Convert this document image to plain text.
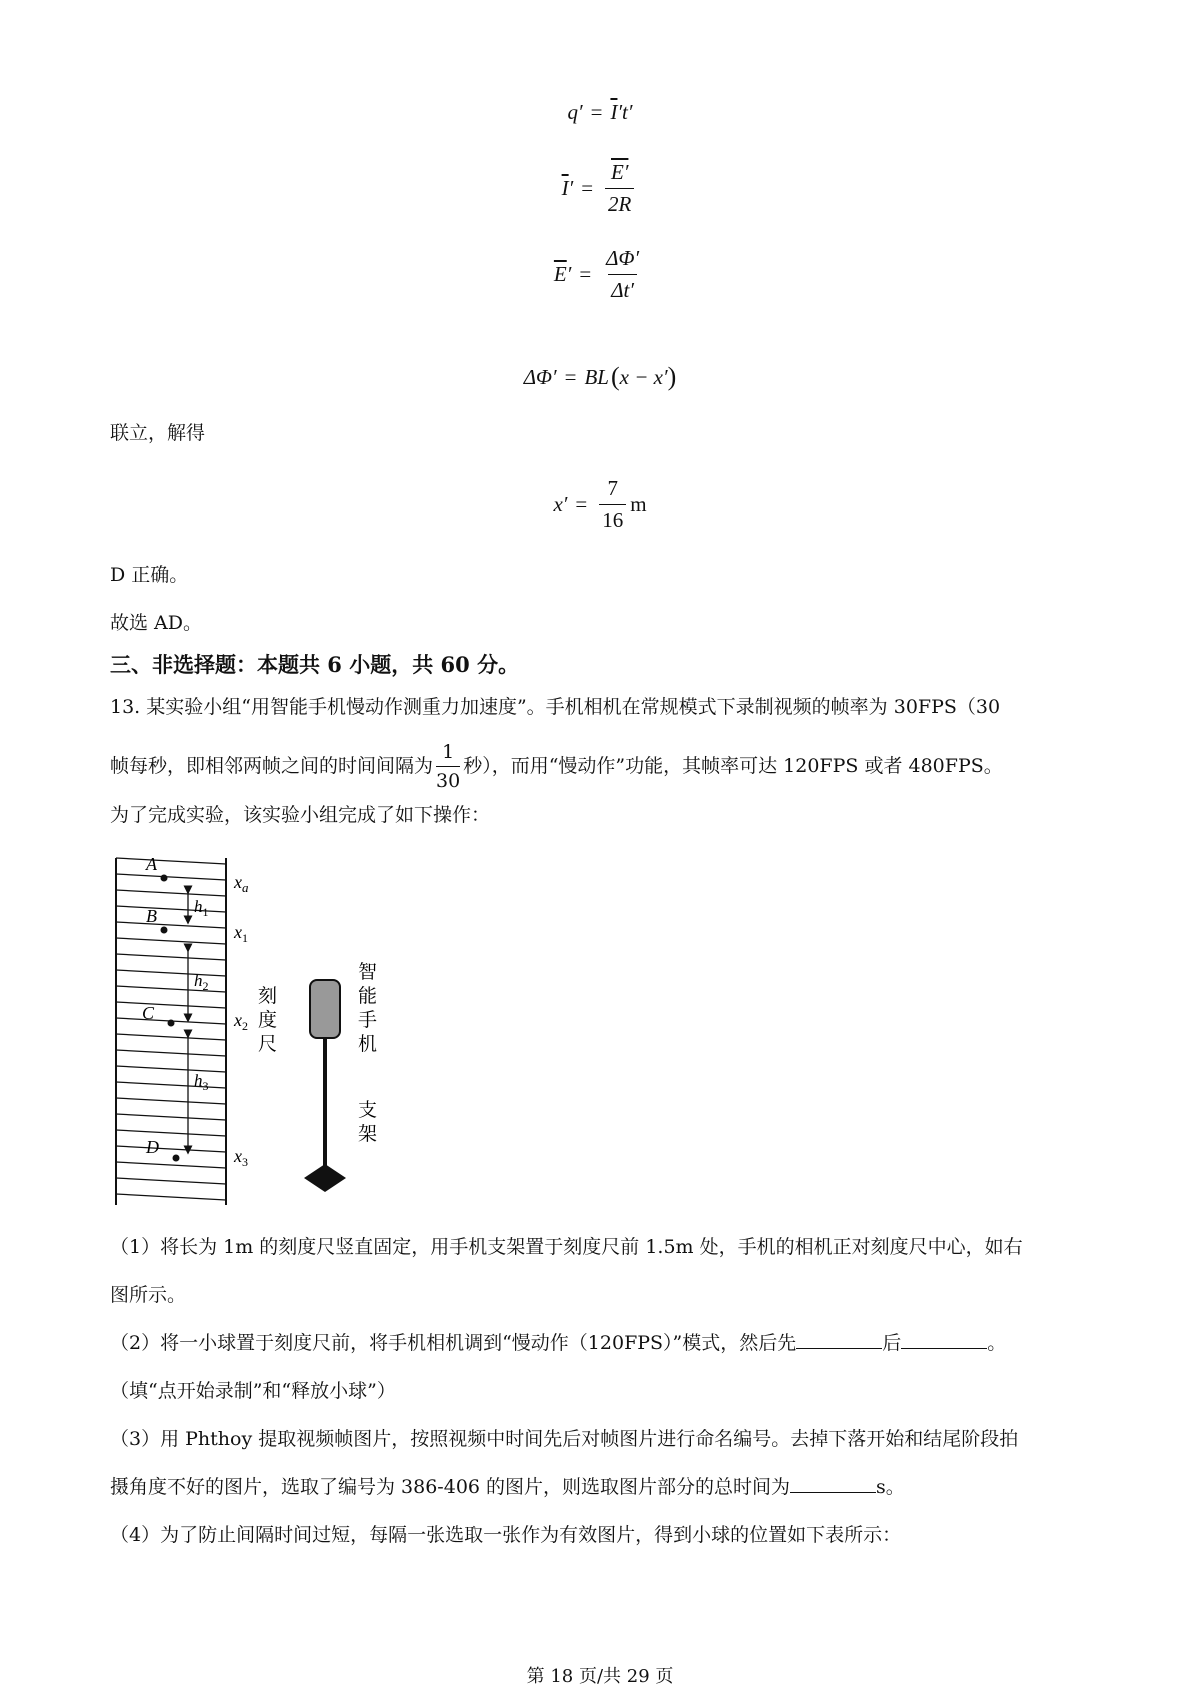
$q' = \overline{I}$ ′t′
$\overline{I}$ ′ = $\frac{E'}{2R}$
$\overline{E}$ ′ = $\frac{\Delta\Phi'}{\Delta t'}$
ΔΦ′ = BL ( x − x′ )
联立，解得
$x' = \frac{7}{16}$ m
D 正确。
故选 AD。
三、非选择题：本题共 6 小题，共 60 分。
13. 某实验小组“用智能手机慢动作测重力加速度”。手机相机在常规模式下录制视频的帧率为 30FPS（30
帧每秒，即相邻两帧之间的时间间隔为 $\frac{1}{30}$ 秒），而用“慢动作”功能，其帧率可达 120FPS 或者 480FPS。
为了完成实验，该实验小组完成了如下操作：
A
B
C
D
$h_1$
$h_2$
$h_3$
$x_a$
$x_1$
$x_2$
$x_3$
刻
度
尺
智
能
手
机
支
架
（1）将长为 1m 的刻度尺竖直固定，用手机支架置于刻度尺前 1.5m 处，手机的相机正对刻度尺中心，如右
图所示。
（2）将一小球置于刻度尺前，将手机相机调到“慢动作（120FPS）”模式，然后先	后	。
（填“点开始录制”和“释放小球”）
（3）用 Phthoy 提取视频帧图片，按照视频中时间先后对帧图片进行命名编号。去掉下落开始和结尾阶段拍
摄角度不好的图片，选取了编号为 386-406 的图片，则选取图片部分的总时间为	s。
（4）为了防止间隔时间过短，每隔一张选取一张作为有效图片，得到小球的位置如下表所示：
第 18 页/共 29 页
